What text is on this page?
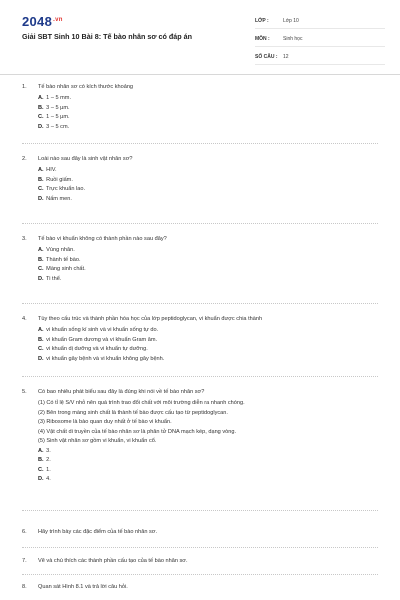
$2048^{.vn}$
Giải SBT Sinh 10 Bài 8: Tế bào nhân sơ có đáp án
LỚP :	Lớp 10
MÔN :	Sinh học
SỐ CÂU :	12
1.	Tế bào nhân sơ có kích thước khoảng
A. 1 – 5 mm.
B. 3 – 5 µm.
C. 1 – 5 µm.
D. 3 – 5 cm.
2.	Loài nào sau đây là sinh vật nhân sơ?
A. HIV.
B. Ruồi giấm.
C. Trực khuẩn lao.
D. Nấm men.
3.	Tế bào vi khuẩn không có thành phần nào sau đây?
A. Vùng nhân.
B. Thành tế bào.
C. Màng sinh chất.
D. Ti thể.
4.	Tùy theo cấu trúc và thành phần hóa học của lớp peptidoglycan, vi khuẩn được chia thành
A. vi khuẩn sống kí sinh và vi khuẩn sống tự do.
B. vi khuẩn Gram dương và vi khuẩn Gram âm.
C. vi khuẩn dị dưỡng và vi khuẩn tự dưỡng.
D. vi khuẩn gây bệnh và vi khuẩn không gây bệnh.
5.	Có bao nhiêu phát biểu sau đây là đúng khi nói về tế bào nhân sơ?
(1) Có tỉ lệ S/V nhỏ nên quá trình trao đổi chất với môi trường diễn ra nhanh chóng.
(2) Bên trong màng sinh chất là thành tế bào được cấu tạo từ peptidoglycan.
(3) Ribosome là bào quan duy nhất ở tế bào vi khuẩn.
(4) Vật chất di truyền của tế bào nhân sơ là phân tử DNA mạch kép, dạng vòng.
(5) Sinh vật nhân sơ gồm vi khuẩn, vi khuẩn cổ.
A. 3.
B. 2.
C. 1.
D. 4.
6.	Hãy trình bày các đặc điểm của tế bào nhân sơ.
7.	Vẽ và chú thích các thành phần cấu tạo của tế bào nhân sơ.
8.	Quan sát Hình 8.1 và trả lời câu hỏi.
